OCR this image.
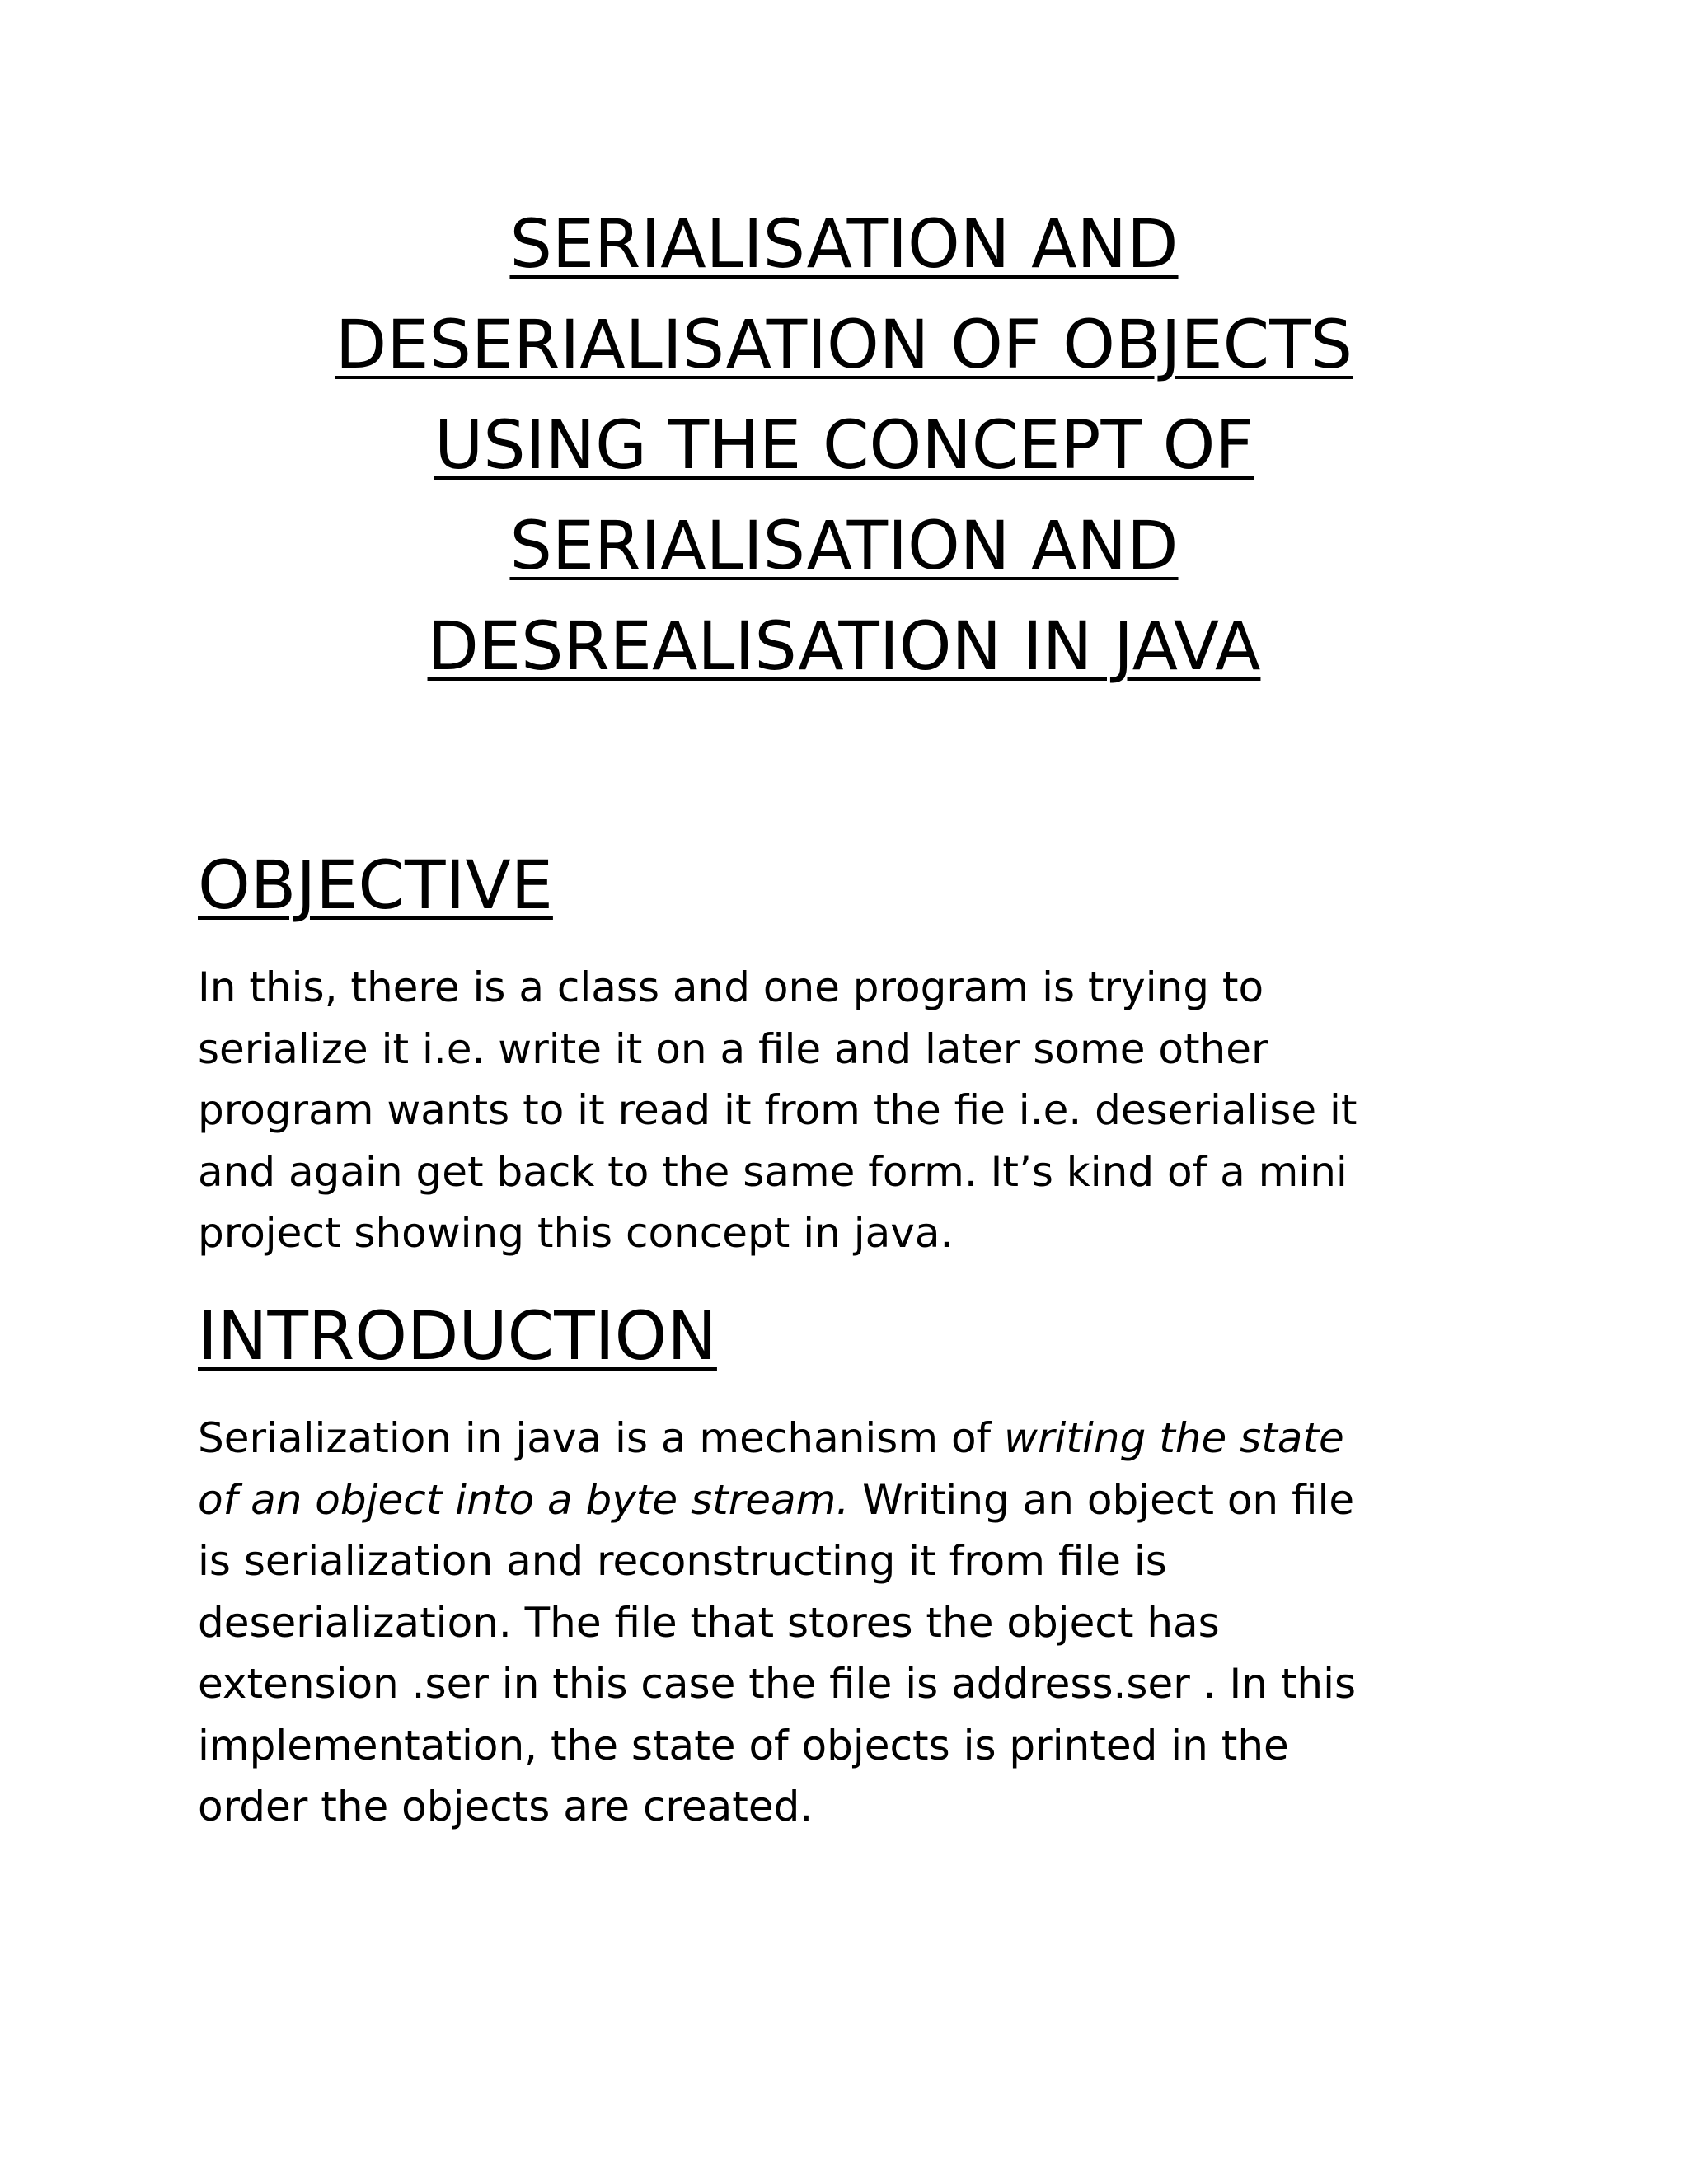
SERIALISATION AND
DESERIALISATION OF OBJECTS
USING THE CONCEPT OF
SERIALISATION AND
DESREALISATION IN JAVA
OBJECTIVE
In this, there is a class and one program is trying to
serialize it i.e. write it on a file and later some other
program wants to it read it from the fie i.e. deserialise it
and again get back to the same form. It’s kind of a mini
project showing this concept in java.
INTRODUCTION
Serialization in java is a mechanism of writing the state
of an object into a byte stream. Writing an object on file
is serialization and reconstructing it from file is
deserialization. The file that stores the object has
extension .ser in this case the file is address.ser . In this
implementation, the state of objects is printed in the
order the objects are created.
